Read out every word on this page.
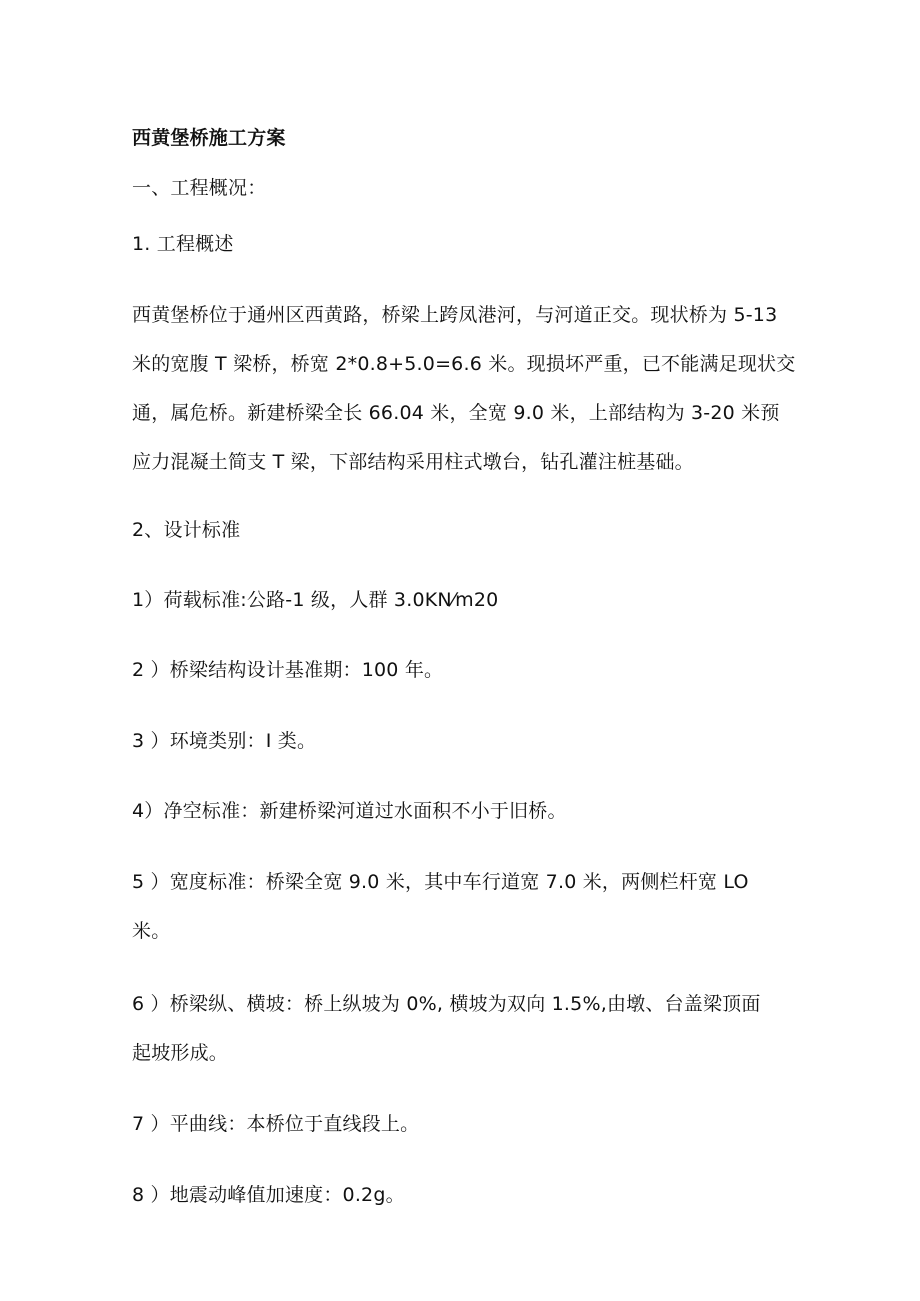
西黄堡桥施工方案
一、工程概况：
1. 工程概述
西黄堡桥位于通州区西黄路，桥梁上跨凤港河，与河道正交。现状桥为 5-13
米的宽腹 T 梁桥，桥宽 2*0.8+5.0=6.6 米。现损坏严重，已不能满足现状交
通，属危桥。新建桥梁全长 66.04 米，全宽 9.0 米，上部结构为 3-20 米预
应力混凝土简支 T 梁，下部结构采用柱式墩台，钻孔灌注桩基础。
2、设计标准
1）荷载标准:公路-1 级，人群 3.0KN⁄m20
2 ）桥梁结构设计基准期：100 年。
3 ）环境类别：I 类。
4）净空标准：新建桥梁河道过水面积不小于旧桥。
5 ）宽度标准：桥梁全宽 9.0 米，其中车行道宽 7.0 米，两侧栏杆宽 LO
米。
6 ）桥梁纵、横坡：桥上纵坡为 0%, 横坡为双向 1.5%,由墩、台盖梁顶面
起坡形成。
7 ）平曲线：本桥位于直线段上。
8 ）地震动峰值加速度：0.2g。
